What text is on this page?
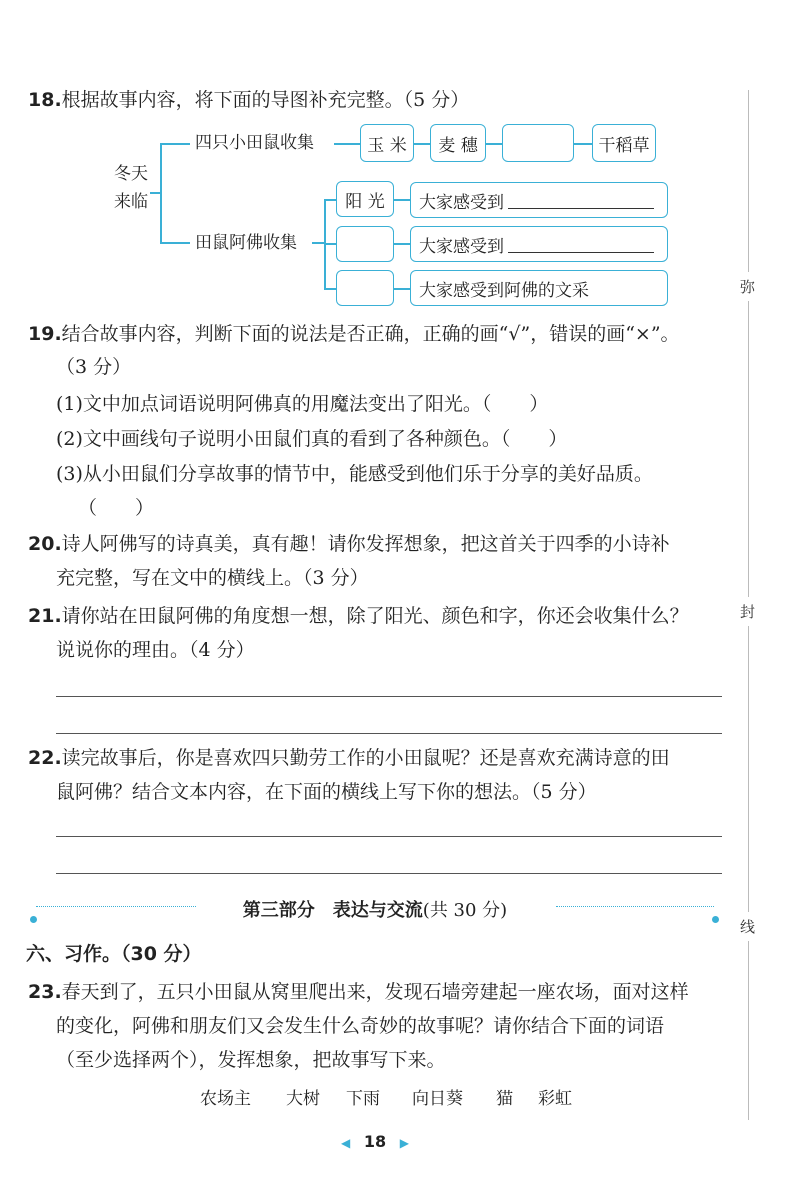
弥
封
线
18.根据故事内容，将下面的导图补充完整。（5 分）
冬天
来临
四只小田鼠收集
田鼠阿佛收集
玉 米	麦 穗	干稻草
阳 光	大家感受到
大家感受到
大家感受到阿佛的文采
19.结合故事内容，判断下面的说法是否正确，正确的画“√”，错误的画“×”。
（3 分）
(1)文中加点词语说明阿佛真的用魔法变出了阳光。（　　）
(2)文中画线句子说明小田鼠们真的看到了各种颜色。（　　）
(3)从小田鼠们分享故事的情节中，能感受到他们乐于分享的美好品质。
（　　）
20.诗人阿佛写的诗真美，真有趣！请你发挥想象，把这首关于四季的小诗补
充完整，写在文中的横线上。（3 分）
21.请你站在田鼠阿佛的角度想一想，除了阳光、颜色和字，你还会收集什么？
说说你的理由。（4 分）
22.读完故事后，你是喜欢四只勤劳工作的小田鼠呢？还是喜欢充满诗意的田
鼠阿佛？结合文本内容，在下面的横线上写下你的想法。（5 分）
第三部分　表达与交流(共 30 分)
六、习作。（30 分）
23.春天到了，五只小田鼠从窝里爬出来，发现石墙旁建起一座农场，面对这样
的变化，阿佛和朋友们又会发生什么奇妙的故事呢？请你结合下面的词语
（至少选择两个），发挥想象，把故事写下来。
农场主 大树 下雨 向日葵 猫 彩虹
◀ 18 ▶
